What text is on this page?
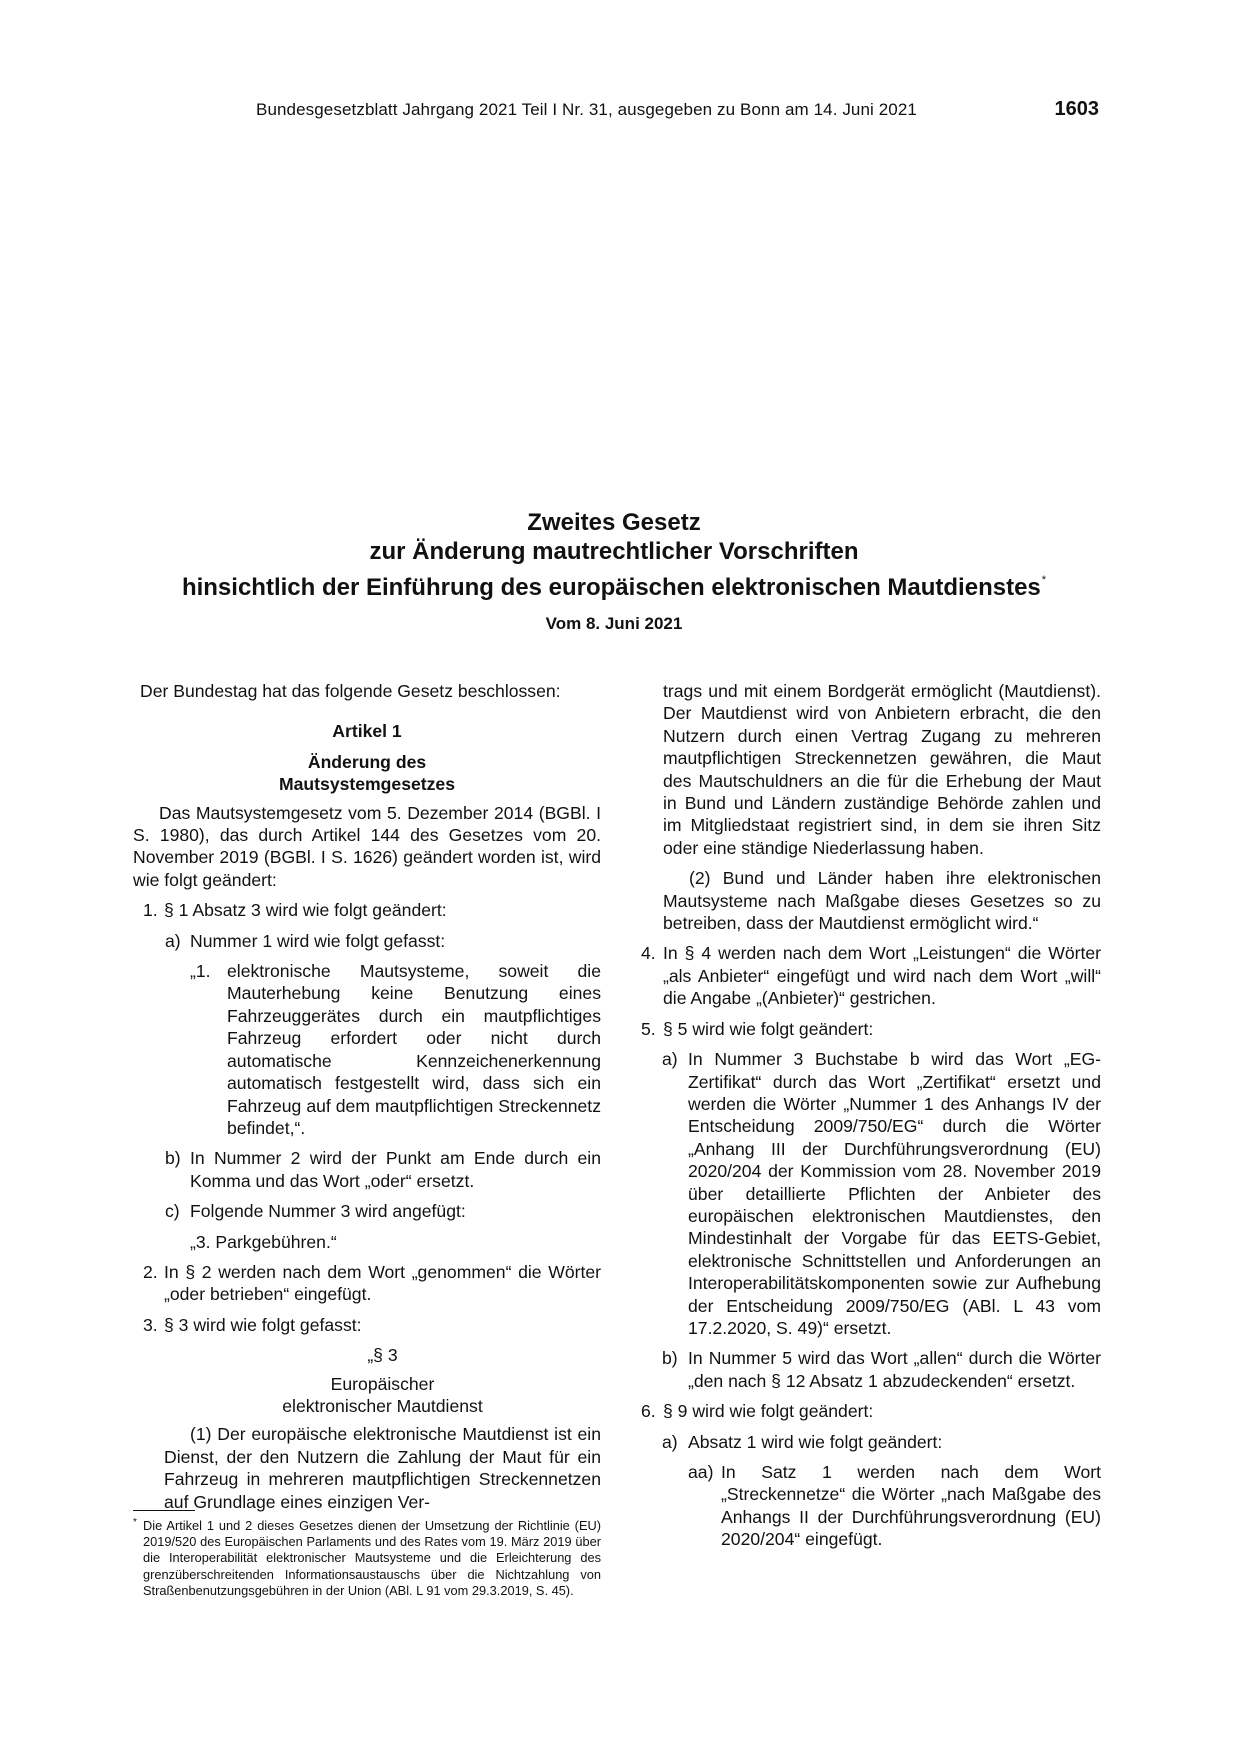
Bundesgesetzblatt Jahrgang 2021 Teil I Nr. 31, ausgegeben zu Bonn am 14. Juni 2021	1603
Zweites Gesetz
zur Änderung mautrechtlicher Vorschriften
hinsichtlich der Einführung des europäischen elektronischen Mautdienstes*
Vom 8. Juni 2021

Der Bundestag hat das folgende Gesetz beschlossen:

Artikel 1

Änderung des

Mautsystemgesetzes

Das Mautsystemgesetz vom 5. Dezember 2014 (BGBl. I S. 1980), das durch Artikel 144 des Gesetzes vom 20. November 2019 (BGBl. I S. 1626) geändert worden ist, wird wie folgt geändert:

1. § 1 Absatz 3 wird wie folgt geändert:
a) Nummer 1 wird wie folgt gefasst:
„1. elektronische Mautsysteme, soweit die Mauterhebung keine Benutzung eines Fahrzeuggerätes durch ein mautpflichtiges Fahrzeug erfordert oder nicht durch automatische Kennzeichenerkennung automatisch festgestellt wird, dass sich ein Fahrzeug auf dem mautpflichtigen Streckennetz befindet,“.
b) In Nummer 2 wird der Punkt am Ende durch ein Komma und das Wort „oder“ ersetzt.
c) Folgende Nummer 3 wird angefügt:

„3. Parkgebühren.“

2. In § 2 werden nach dem Wort „genommen“ die Wörter „oder betrieben“ eingefügt.
3. § 3 wird wie folgt gefasst:

„§ 3

Europäischer

elektronischer Mautdienst

(1) Der europäische elektronische Mautdienst ist ein Dienst, der den Nutzern die Zahlung der Maut für ein Fahrzeug in mehreren mautpflichtigen Streckennetzen auf Grundlage eines einzigen Ver-

trags und mit einem Bordgerät ermöglicht (Mautdienst). Der Mautdienst wird von Anbietern erbracht, die den Nutzern durch einen Vertrag Zugang zu mehreren mautpflichtigen Streckennetzen gewähren, die Maut des Mautschuldners an die für die Erhebung der Maut in Bund und Ländern zuständige Behörde zahlen und im Mitgliedstaat registriert sind, in dem sie ihren Sitz oder eine ständige Niederlassung haben.

(2) Bund und Länder haben ihre elektronischen Mautsysteme nach Maßgabe dieses Gesetzes so zu betreiben, dass der Mautdienst ermöglicht wird.“

4. In § 4 werden nach dem Wort „Leistungen“ die Wörter „als Anbieter“ eingefügt und wird nach dem Wort „will“ die Angabe „(Anbieter)“ gestrichen.
5. § 5 wird wie folgt geändert:
a) In Nummer 3 Buchstabe b wird das Wort „EG-Zertifikat“ durch das Wort „Zertifikat“ ersetzt und werden die Wörter „Nummer 1 des Anhangs IV der Entscheidung 2009/750/EG“ durch die Wörter „Anhang III der Durchführungsverordnung (EU) 2020/204 der Kommission vom 28. November 2019 über detaillierte Pflichten der Anbieter des europäischen elektronischen Mautdienstes, den Mindestinhalt der Vorgabe für das EETS-Gebiet, elektronische Schnittstellen und Anforderungen an Interoperabilitätskomponenten sowie zur Aufhebung der Entscheidung 2009/750/EG (ABl. L 43 vom 17.2.2020, S. 49)“ ersetzt.
b) In Nummer 5 wird das Wort „allen“ durch die Wörter „den nach § 12 Absatz 1 abzudeckenden“ ersetzt.
6. § 9 wird wie folgt geändert:
a) Absatz 1 wird wie folgt geändert:
aa) In Satz 1 werden nach dem Wort „Streckennetze“ die Wörter „nach Maßgabe des Anhangs II der Durchführungsverordnung (EU) 2020/204“ eingefügt.
* Die Artikel 1 und 2 dieses Gesetzes dienen der Umsetzung der Richtlinie (EU) 2019/520 des Europäischen Parlaments und des Rates vom 19. März 2019 über die Interoperabilität elektronischer Mautsysteme und die Erleichterung des grenzüberschreitenden Informationsaustauschs über die Nichtzahlung von Straßenbenutzungsgebühren in der Union (ABl. L 91 vom 29.3.2019, S. 45).
